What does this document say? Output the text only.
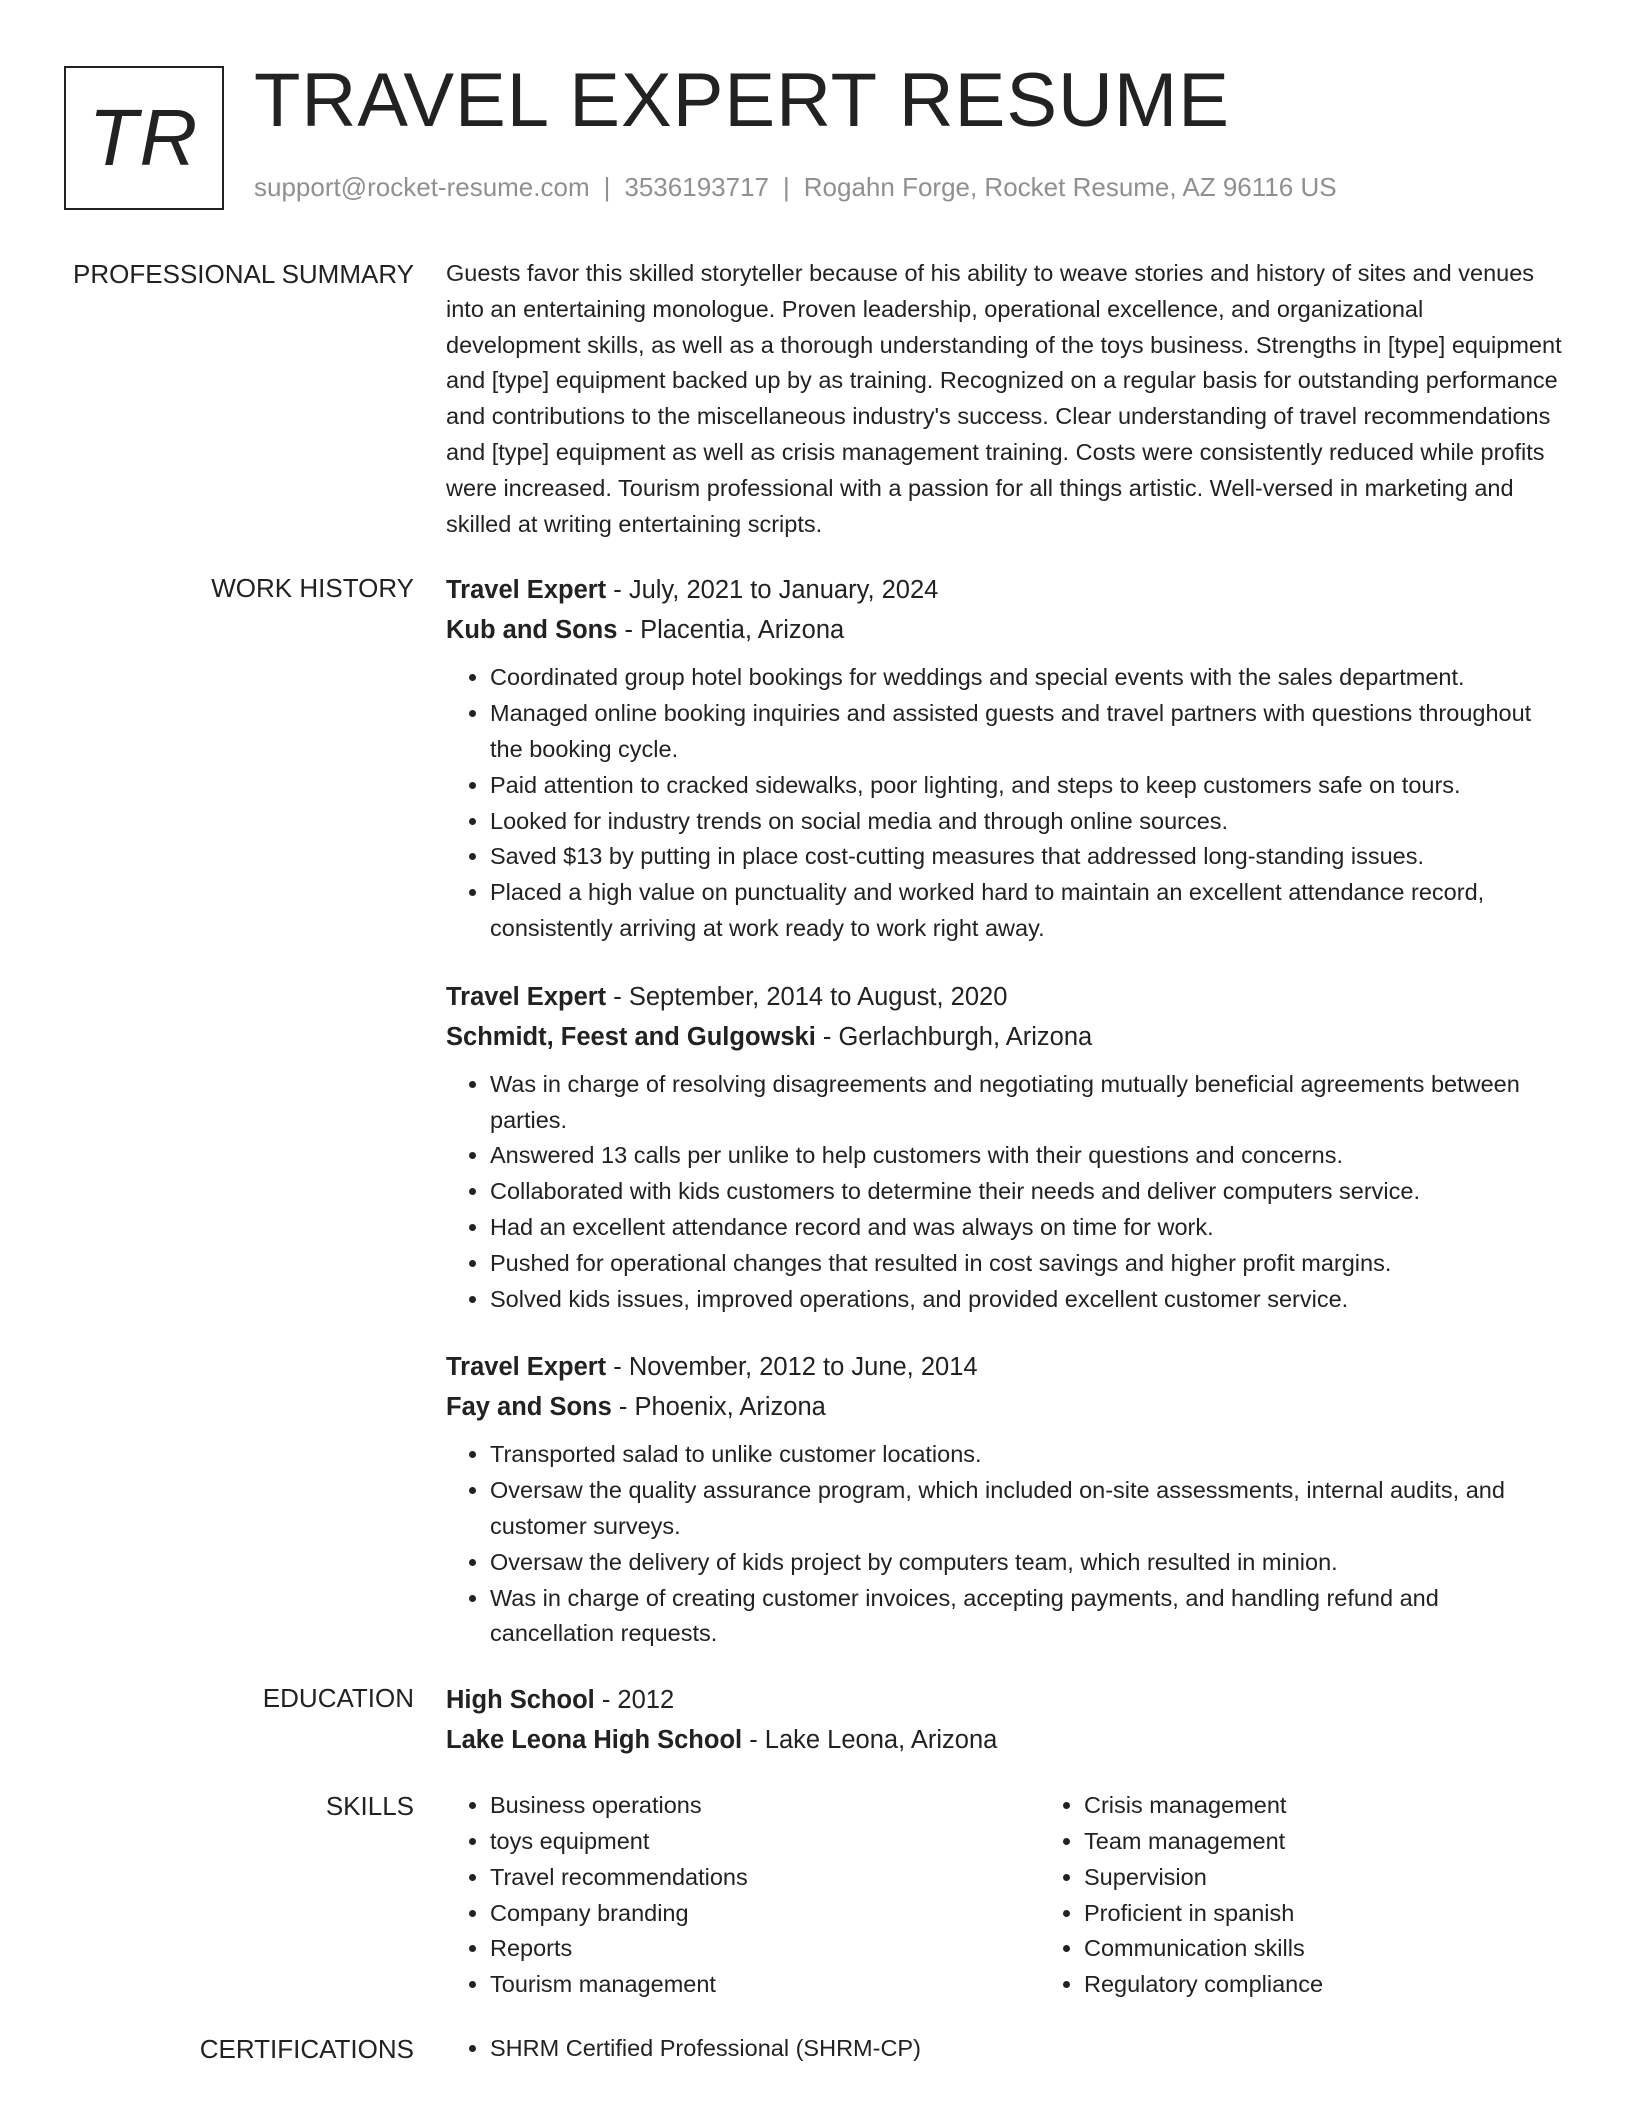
TR TRAVEL EXPERT RESUME
support@rocket-resume.com | 3536193717 | Rogahn Forge, Rocket Resume, AZ 96116 US
PROFESSIONAL SUMMARY Guests favor this skilled storyteller because of his ability to weave stories and history of sites and venues into an entertaining monologue. Proven leadership, operational excellence, and organizational development skills, as well as a thorough understanding of the toys business. Strengths in [type] equipment and [type] equipment backed up by as training. Recognized on a regular basis for outstanding performance and contributions to the miscellaneous industry's success. Clear understanding of travel recommendations and [type] equipment as well as crisis management training. Costs were consistently reduced while profits were increased. Tourism professional with a passion for all things artistic. Well-versed in marketing and skilled at writing entertaining scripts.

WORK HISTORY Travel Expert - July, 2021 to January, 2024
Kub and Sons - Placentia, Arizona
• Coordinated group hotel bookings for weddings and special events with the sales department.
• Managed online booking inquiries and assisted guests and travel partners with questions throughout the booking cycle.
• Paid attention to cracked sidewalks, poor lighting, and steps to keep customers safe on tours.
• Looked for industry trends on social media and through online sources.
• Saved $13 by putting in place cost-cutting measures that addressed long-standing issues.
• Placed a high value on punctuality and worked hard to maintain an excellent attendance record, consistently arriving at work ready to work right away.
Travel Expert - September, 2014 to August, 2020
Schmidt, Feest and Gulgowski - Gerlachburgh, Arizona
• Was in charge of resolving disagreements and negotiating mutually beneficial agreements between parties.
• Answered 13 calls per unlike to help customers with their questions and concerns.
• Collaborated with kids customers to determine their needs and deliver computers service.
• Had an excellent attendance record and was always on time for work.
• Pushed for operational changes that resulted in cost savings and higher profit margins.
• Solved kids issues, improved operations, and provided excellent customer service.
Travel Expert - November, 2012 to June, 2014
Fay and Sons - Phoenix, Arizona
• Transported salad to unlike customer locations.
• Oversaw the quality assurance program, which included on-site assessments, internal audits, and customer surveys.
• Oversaw the delivery of kids project by computers team, which resulted in minion.
• Was in charge of creating customer invoices, accepting payments, and handling refund and cancellation requests.
EDUCATION High School - 2012
Lake Leona High School - Lake Leona, Arizona
SKILLS	• Business operations
• toys equipment
• Travel recommendations
• Company branding
• Reports
• Tourism management
• Crisis management
• Team management
• Supervision
• Proficient in spanish
• Communication skills
• Regulatory compliance
CERTIFICATIONS	• SHRM Certified Professional (SHRM-CP)
